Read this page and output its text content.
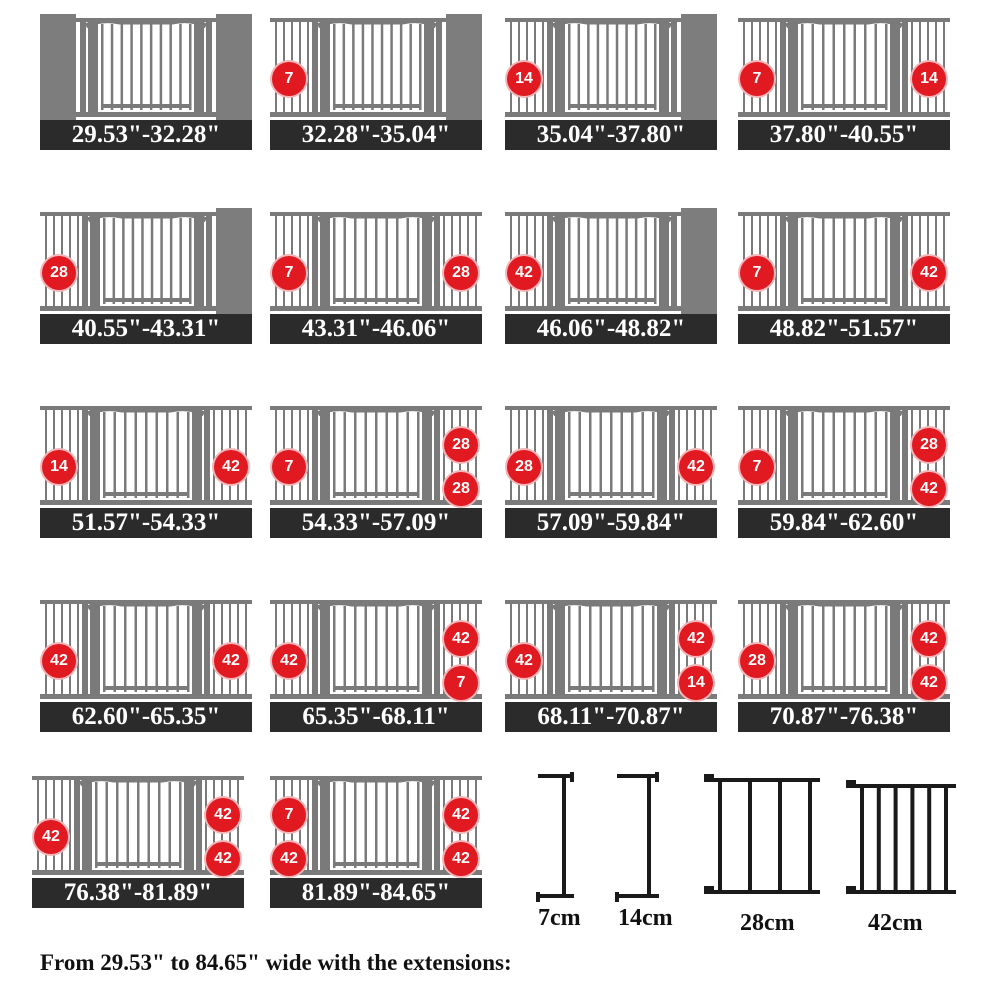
29.53"-32.28"
7
32.28"-35.04"
14
35.04"-37.80"
7	14
37.80"-40.55"
28
40.55"-43.31"
7	28
43.31"-46.06"
42
46.06"-48.82"
7	42
48.82"-51.57"
14	42
51.57"-54.33"
7
28
28
54.33"-57.09"
28	42
57.09"-59.84"
7
28
42
59.84"-62.60"
42	42
62.60"-65.35"
42
42
7
65.35"-68.11"
42
42
14
68.11"-70.87"
28
42
42
70.87"-76.38"
42
42
42
76.38"-81.89"
7
42
42
42
81.89"-84.65"
7cm 14cm	28cm	42cm
From 29.53" to 84.65" wide with the extensions:
